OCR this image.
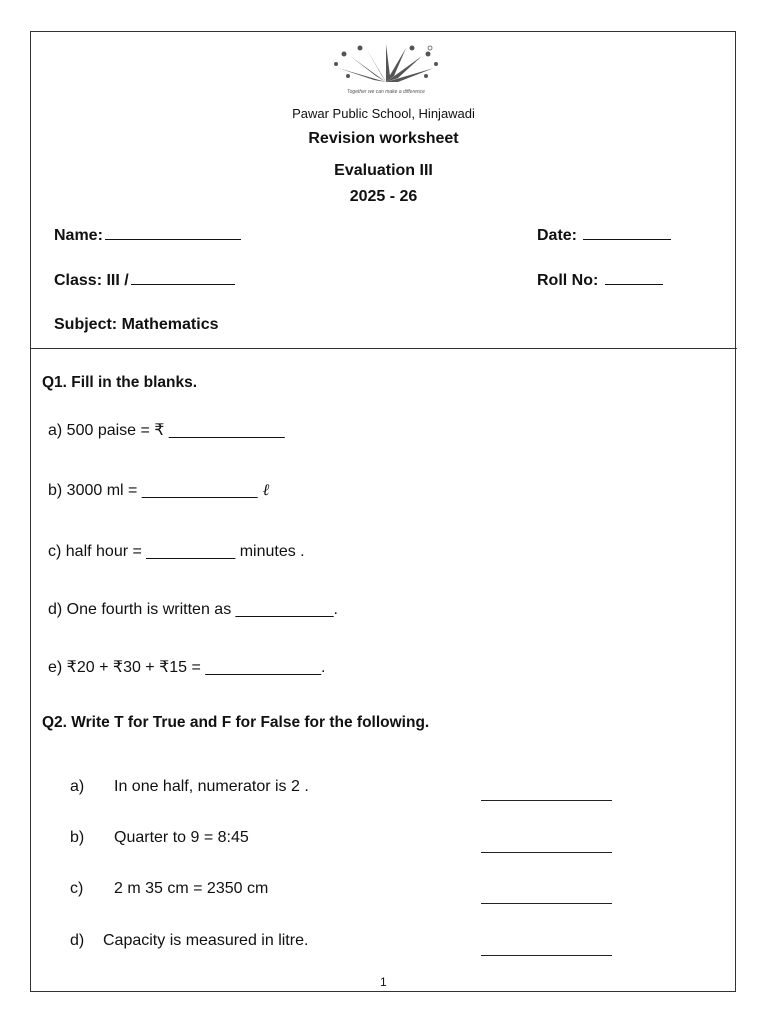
Together we can make a difference
Pawar Public School, Hinjawadi
Revision worksheet
Evaluation III
2025 - 26
Name:	Date:
Class: III /	Roll No:
Subject: Mathematics
Q1. Fill in the blanks.
a) 500 paise = ₹ _____________
b) 3000 ml = _____________ ℓ
c) half hour = __________ minutes .
d) One fourth is written as ___________.
e) ₹20 + ₹30 + ₹15 = _____________.
Q2. Write T for True and F for False for the following.
a) In one half, numerator is 2 .
b) Quarter to 9 = 8:45
c) 2 m 35 cm = 2350 cm
d) Capacity is measured in litre.
1
